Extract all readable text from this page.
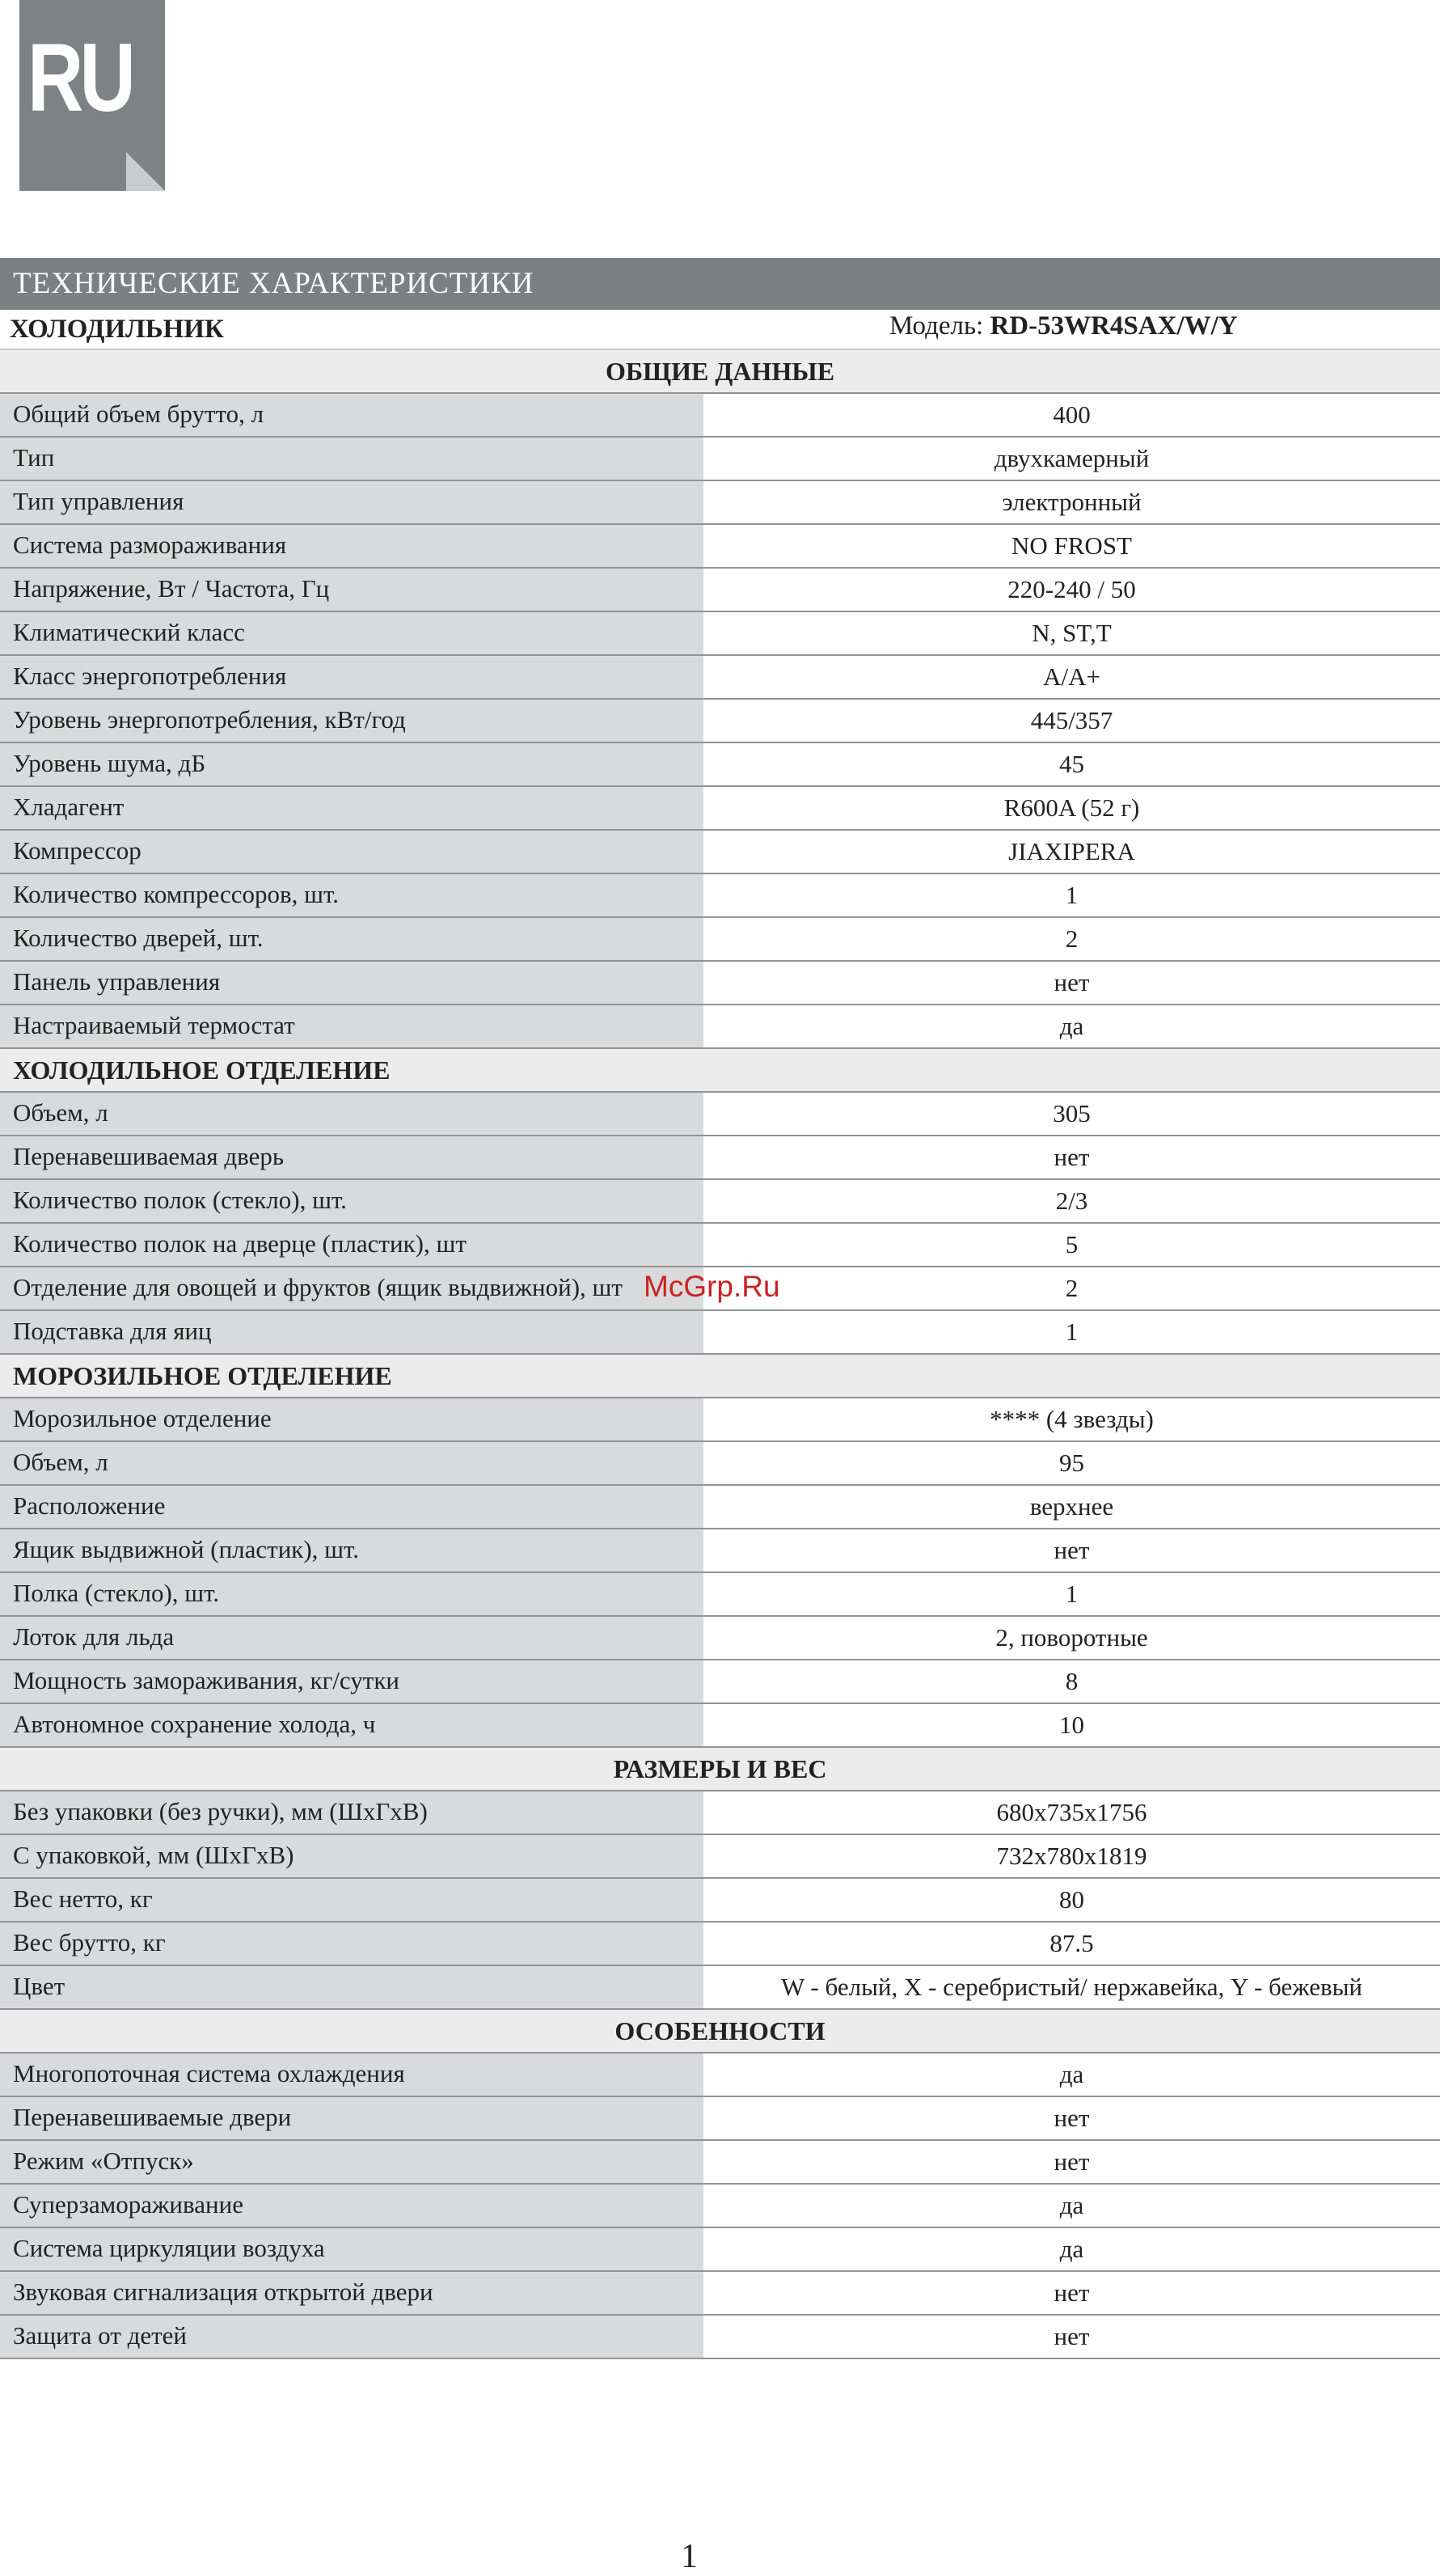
RU
ТЕХНИЧЕСКИЕ ХАРАКТЕРИСТИКИ
ХОЛОДИЛЬНИК	Модель: RD-53WR4SAX/W/Y
ОБЩИЕ ДАННЫЕ
Общий объем брутто, л	400
Тип	двухкамерный
Тип управления	электронный
Система размораживания	NO FROST
Напряжение, Вт / Частота, Гц	220-240 / 50
Климатический класс	N, ST,T
Класс энергопотребления	A/A+
Уровень энергопотребления, кВт/год	445/357
Уровень шума, дБ	45
Хладагент	R600A (52 г)
Компрессор	JIAXIPERA
Количество компрессоров, шт.	1
Количество дверей, шт.	2
Панель управления	нет
Настраиваемый термостат	да
ХОЛОДИЛЬНОЕ ОТДЕЛЕНИЕ
Объем, л	305
Перенавешиваемая дверь	нет
Количество полок (стекло), шт.	2/3
Количество полок на дверце (пластик), шт	5
Отделение для овощей и фруктов (ящик выдвижной), шт	2
Подставка для яиц	1
МОРОЗИЛЬНОЕ ОТДЕЛЕНИЕ
Морозильное отделение	**** (4 звезды)
Объем, л	95
Расположение	верхнее
Ящик выдвижной (пластик), шт.	нет
Полка (стекло), шт.	1
Лоток для льда	2, поворотные
Мощность замораживания, кг/сутки	8
Автономное сохранение холода, ч	10
РАЗМЕРЫ И ВЕС
Без упаковки (без ручки), мм (ШхГхВ)	680x735x1756
С упаковкой, мм (ШхГхВ)	732x780x1819
Вес нетто, кг	80
Вес брутто, кг	87.5
Цвет	W - белый, X - серебристый/ нержавейка, Y - бежевый
ОСОБЕННОСТИ
Многопоточная система охлаждения	да
Перенавешиваемые двери	нет
Режим «Отпуск»	нет
Суперзамораживание	да
Система циркуляции воздуха	да
Звуковая сигнализация открытой двери	нет
Защита от детей	нет
McGrp.Ru
1
